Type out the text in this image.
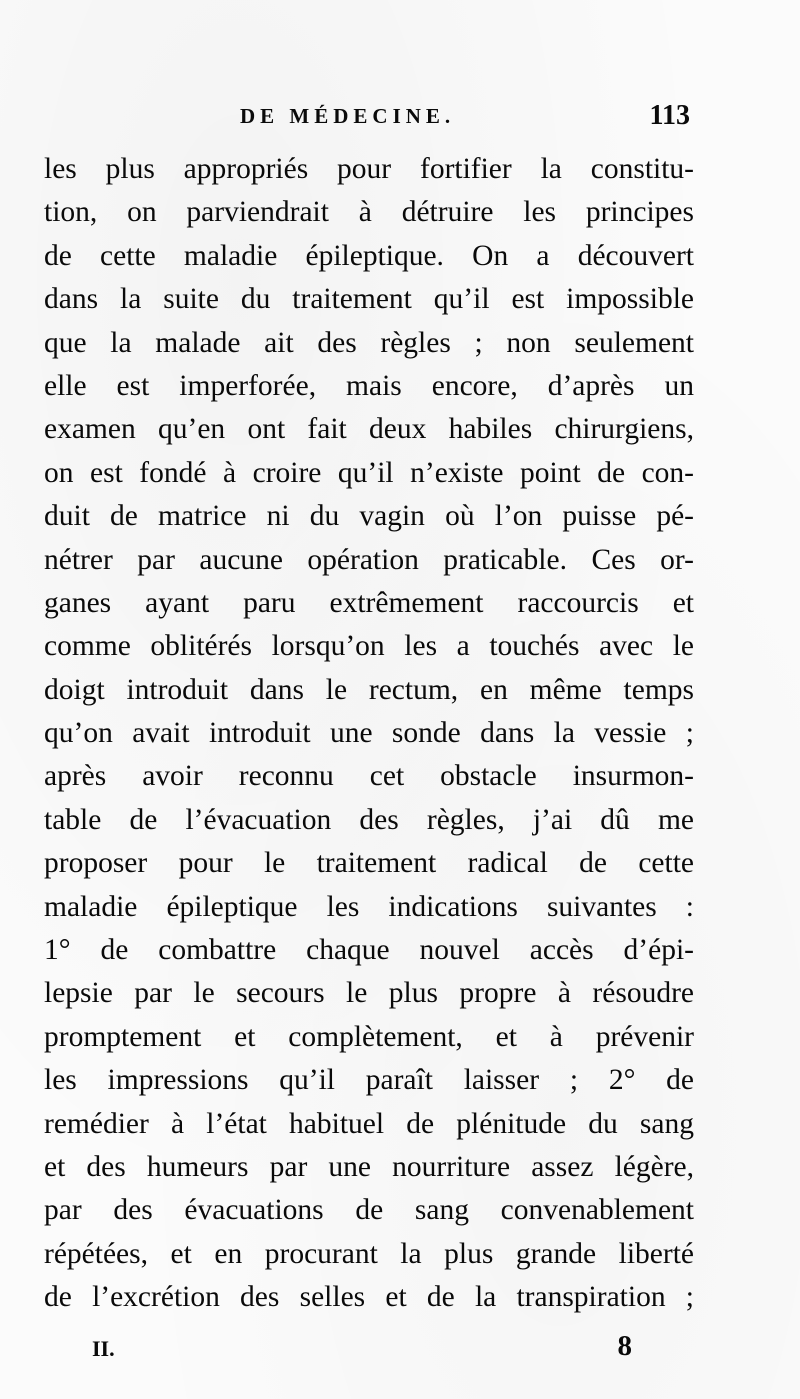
DE MÉDECINE.	113
les plus appropriés pour fortifier la constitu-
tion, on parviendrait à détruire les principes
de cette maladie épileptique. On a découvert
dans la suite du traitement qu’il est impossible
que la malade ait des règles ; non seulement
elle est imperforée, mais encore, d’après un
examen qu’en ont fait deux habiles chirurgiens,
on est fondé à croire qu’il n’existe point de con-
duit de matrice ni du vagin où l’on puisse pé-
nétrer par aucune opération praticable. Ces or-
ganes ayant paru extrêmement raccourcis et
comme oblitérés lorsqu’on les a touchés avec le
doigt introduit dans le rectum, en même temps
qu’on avait introduit une sonde dans la vessie ;
après avoir reconnu cet obstacle insurmon-
table de l’évacuation des règles, j’ai dû me
proposer pour le traitement radical de cette
maladie épileptique les indications suivantes :
1° de combattre chaque nouvel accès d’épi-
lepsie par le secours le plus propre à résoudre
promptement et complètement, et à prévenir
les impressions qu’il paraît laisser ; 2° de
remédier à l’état habituel de plénitude du sang
et des humeurs par une nourriture assez légère,
par des évacuations de sang convenablement
répétées, et en procurant la plus grande liberté
de l’excrétion des selles et de la transpiration ;
II.	8
